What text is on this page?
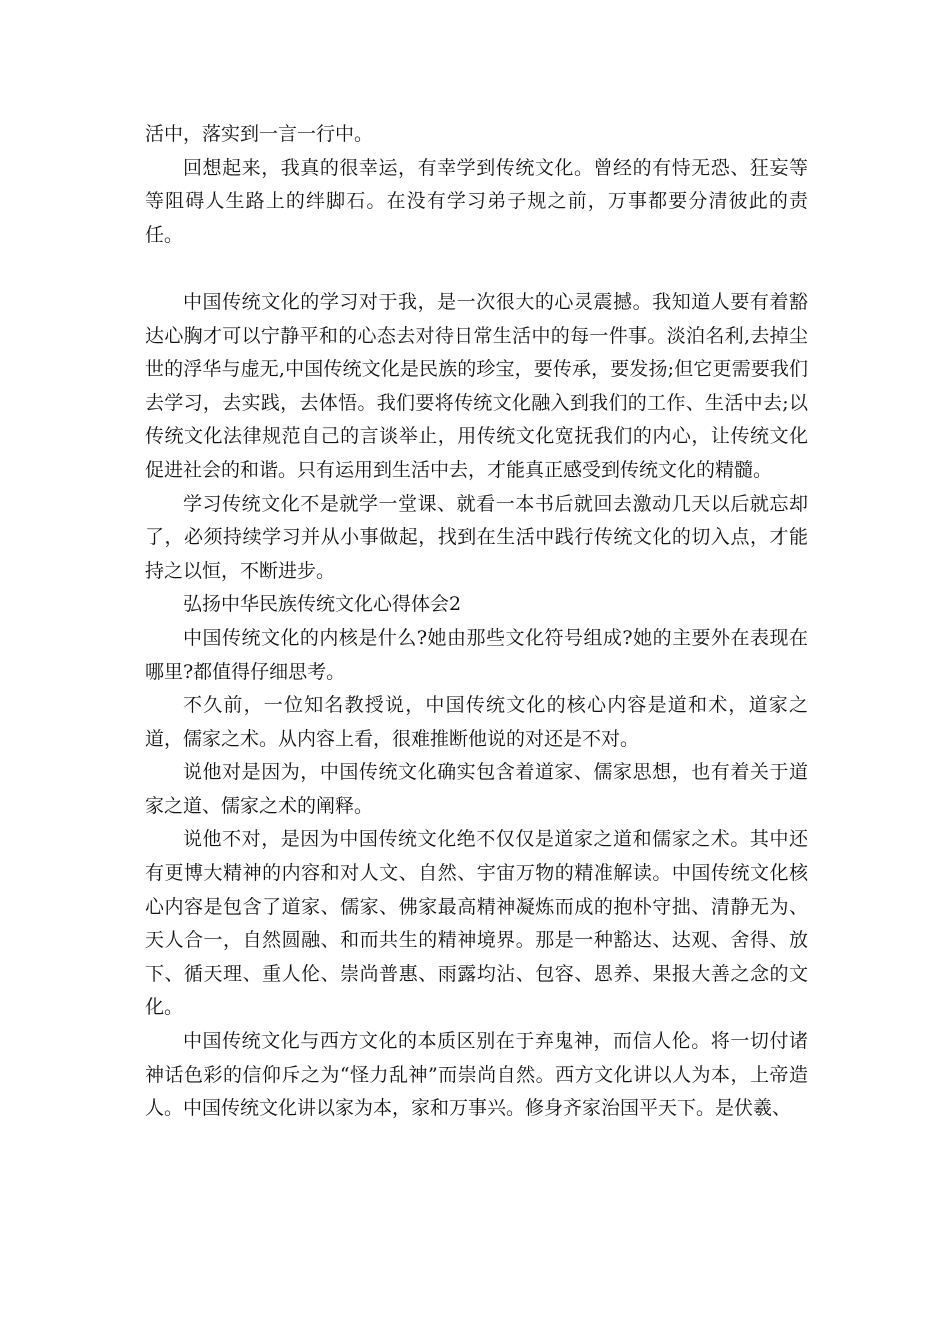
活中，落实到一言一行中。

回想起来，我真的很幸运，有幸学到传统文化。曾经的有恃无恐、狂妄等等阻碍人生路上的绊脚石。在没有学习弟子规之前，万事都要分清彼此的责任。

中国传统文化的学习对于我，是一次很大的心灵震撼。我知道人要有着豁达心胸才可以宁静平和的心态去对待日常生活中的每一件事。淡泊名利,去掉尘世的浮华与虚无,中国传统文化是民族的珍宝，要传承，要发扬;但它更需要我们去学习，去实践，去体悟。我们要将传统文化融入到我们的工作、生活中去;以传统文化法律规范自己的言谈举止，用传统文化宽抚我们的内心，让传统文化促进社会的和谐。只有运用到生活中去，才能真正感受到传统文化的精髓。

学习传统文化不是就学一堂课、就看一本书后就回去激动几天以后就忘却了，必须持续学习并从小事做起，找到在生活中践行传统文化的切入点，才能持之以恒，不断进步。

弘扬中华民族传统文化心得体会2

中国传统文化的内核是什么?她由那些文化符号组成?她的主要外在表现在哪里?都值得仔细思考。

不久前，一位知名教授说，中国传统文化的核心内容是道和术，道家之道，儒家之术。从内容上看，很难推断他说的对还是不对。

说他对是因为，中国传统文化确实包含着道家、儒家思想，也有着关于道家之道、儒家之术的阐释。

说他不对，是因为中国传统文化绝不仅仅是道家之道和儒家之术。其中还有更博大精神的内容和对人文、自然、宇宙万物的精准解读。中国传统文化核心内容是包含了道家、儒家、佛家最高精神凝炼而成的抱朴守拙、清静无为、天人合一，自然圆融、和而共生的精神境界。那是一种豁达、达观、舍得、放下、循天理、重人伦、崇尚普惠、雨露均沾、包容、恩养、果报大善之念的文化。

中国传统文化与西方文化的本质区别在于弃鬼神，而信人伦。将一切付诸神话色彩的信仰斥之为“怪力乱神”而崇尚自然。西方文化讲以人为本，上帝造人。中国传统文化讲以家为本，家和万事兴。修身齐家治国平天下。是伏羲、
